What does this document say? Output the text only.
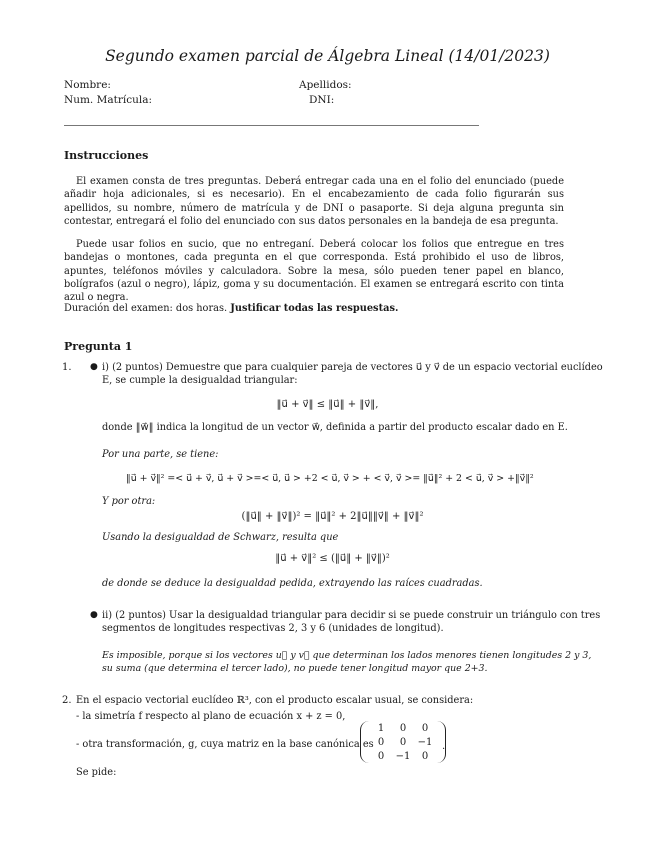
Segundo examen parcial de Álgebra Lineal (14/01/2023)
Nombre:	Apellidos:
Num. Matrícula:	DNI:
Instrucciones
El examen consta de tres preguntas. Deberá entregar cada una en el folio del enunciado (puede añadir hoja adicionales, si es necesario). En el encabezamiento de cada folio figurarán sus apellidos, su nombre, número de matrícula y de DNI o pasaporte. Si deja alguna pregunta sin contestar, entregará el folio del enunciado con sus datos personales en la bandeja de esa pregunta.
Puede usar folios en sucio, que no entreganí. Deberá colocar los folios que entregue en tres bandejas o montones, cada pregunta en el que corresponda. Está prohibido el uso de libros, apuntes, teléfonos móviles y calculadora. Sobre la mesa, sólo pueden tener papel en blanco, bolígrafos (azul o negro), lápiz, goma y su documentación. El examen se entregará escrito con tinta azul o negra.
Duración del examen: dos horas. Justificar todas las respuestas.
Pregunta 1
1. ● i) (2 puntos) Demuestre que para cualquier pareja de vectores u⃗ y v⃗ de un espacio vectorial euclídeo
E, se cumple la desigualdad triangular:
‖u⃗ + v⃗‖ ≤ ‖u⃗‖ + ‖v⃗‖,
donde ‖w⃗‖ indica la longitud de un vector w⃗, definida a partir del producto escalar dado en E.
Por una parte, se tiene:
‖u⃗ + v⃗‖² =< u⃗ + v⃗, u⃗ + v⃗ >=< u⃗, u⃗ > +2 < u⃗, v⃗ > + < v⃗, v⃗ >= ‖u⃗‖² + 2 < u⃗, v⃗ > +‖v⃗‖²
Y por otra:
(‖u⃗‖ + ‖v⃗‖)² = ‖u⃗‖² + 2‖u⃗‖‖v⃗‖ + ‖v⃗‖²
Usando la desigualdad de Schwarz, resulta que
‖u⃗ + v⃗‖² ≤ (‖u⃗‖ + ‖v⃗‖)²
de donde se deduce la desigualdad pedida, extrayendo las raíces cuadradas.
● ii) (2 puntos) Usar la desigualdad triangular para decidir si se puede construir un triángulo con tres
segmentos de longitudes respectivas 2, 3 y 6 (unidades de longitud).
Es imposible, porque si los vectores u⃗ y v⃗ que determinan los lados menores tienen longitudes 2 y 3,
su suma (que determina el tercer lado), no puede tener longitud mayor que 2+3.
2. En el espacio vectorial euclídeo ℝ³, con el producto escalar usual, se considera:
- la simetría f respecto al plano de ecuación x + z = 0,
- otra transformación, g, cuya matriz en la base canónica es
1	0	0
0	0	−1
0	−1	0
.
Se pide:
